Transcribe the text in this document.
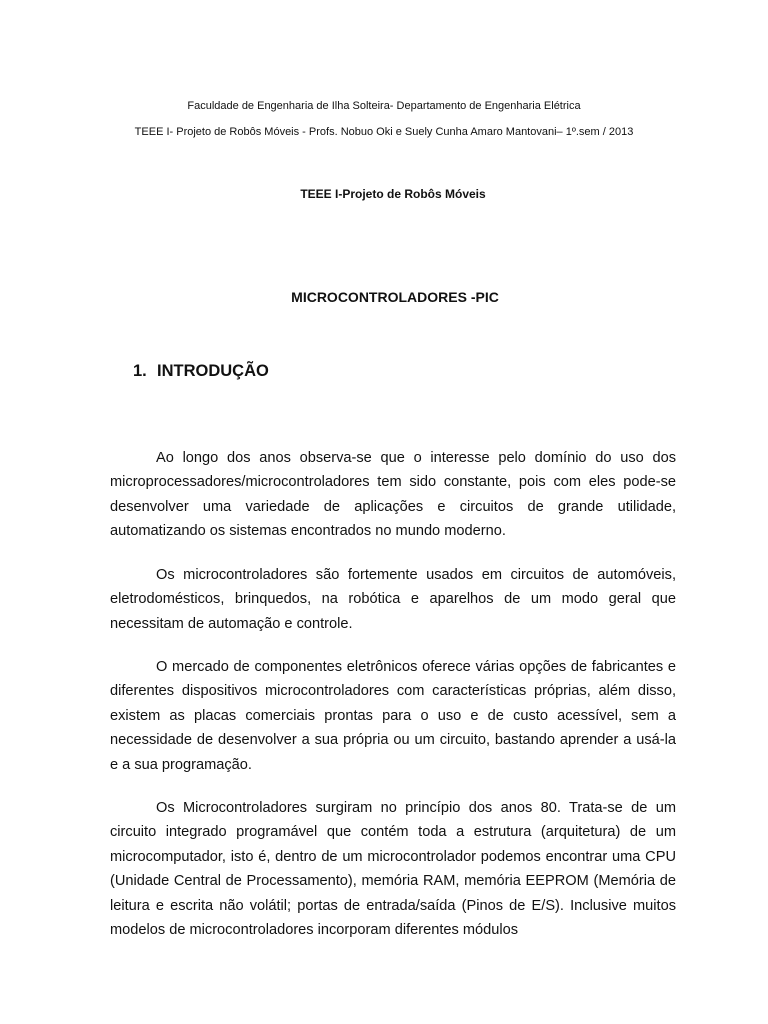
Faculdade de Engenharia de Ilha Solteira- Departamento de Engenharia Elétrica
TEEE I- Projeto de Robôs Móveis - Profs. Nobuo Oki e Suely Cunha Amaro Mantovani– 1º.sem / 2013
TEEE I-Projeto de Robôs Móveis
MICROCONTROLADORES -PIC
1. INTRODUÇÃO

Ao longo dos anos observa-se que o interesse pelo domínio do uso dos microprocessadores/microcontroladores tem sido constante, pois com eles pode-se desenvolver uma variedade de aplicações e circuitos de grande utilidade, automatizando os sistemas encontrados no mundo moderno.

Os microcontroladores são fortemente usados em circuitos de automóveis, eletrodomésticos, brinquedos, na robótica e aparelhos de um modo geral que necessitam de automação e controle.

O mercado de componentes eletrônicos oferece várias opções de fabricantes e diferentes dispositivos microcontroladores com características próprias, além disso, existem as placas comerciais prontas para o uso e de custo acessível, sem a necessidade de desenvolver a sua própria ou um circuito, bastando aprender a usá-la e a sua programação.

Os Microcontroladores surgiram no princípio dos anos 80. Trata-se de um circuito integrado programável que contém toda a estrutura (arquitetura) de um microcomputador, isto é, dentro de um microcontrolador podemos encontrar uma CPU (Unidade Central de Processamento), memória RAM, memória EEPROM (Memória de leitura e escrita não volátil; portas de entrada/saída (Pinos de E/S). Inclusive muitos modelos de microcontroladores incorporam diferentes módulos
